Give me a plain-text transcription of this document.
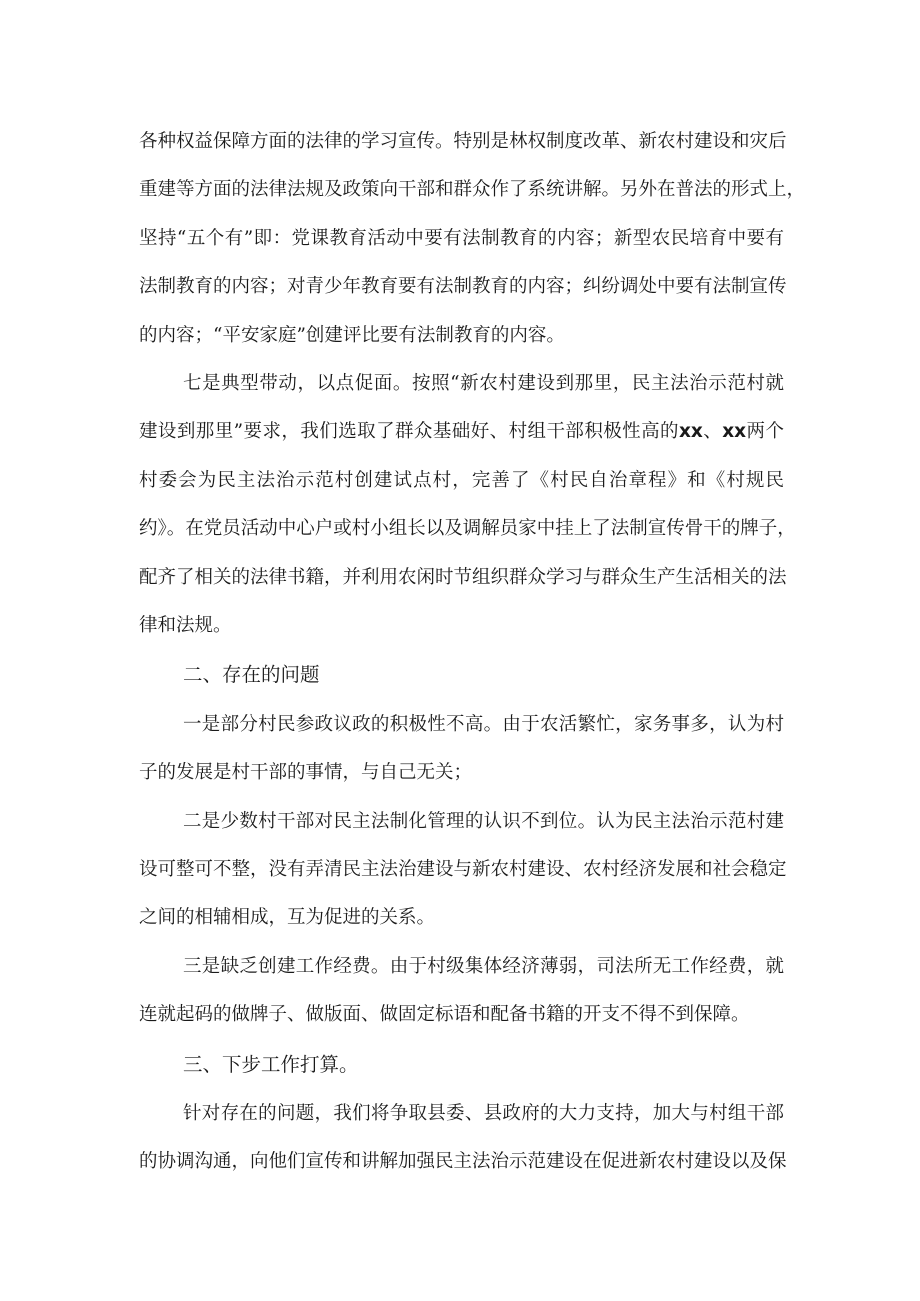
各种权益保障方面的法律的学习宣传。特别是林权制度改革、新农村建设和灾后
重建等方面的法律法规及政策向干部和群众作了系统讲解。另外在普法的形式上，
坚持“五个有”即：党课教育活动中要有法制教育的内容；新型农民培育中要有
法制教育的内容；对青少年教育要有法制教育的内容；纠纷调处中要有法制宣传
的内容；“平安家庭”创建评比要有法制教育的内容。
七是典型带动，以点促面。按照“新农村建设到那里，民主法治示范村就
建设到那里”要求，我们选取了群众基础好、村组干部积极性高的xx、xx两个
村委会为民主法治示范村创建试点村，完善了《村民自治章程》和《村规民
约》。在党员活动中心户或村小组长以及调解员家中挂上了法制宣传骨干的牌子，
配齐了相关的法律书籍，并利用农闲时节组织群众学习与群众生产生活相关的法
律和法规。
二、存在的问题
一是部分村民参政议政的积极性不高。由于农活繁忙，家务事多，认为村
子的发展是村干部的事情，与自己无关；
二是少数村干部对民主法制化管理的认识不到位。认为民主法治示范村建
设可整可不整，没有弄清民主法治建设与新农村建设、农村经济发展和社会稳定
之间的相辅相成，互为促进的关系。
三是缺乏创建工作经费。由于村级集体经济薄弱，司法所无工作经费，就
连就起码的做牌子、做版面、做固定标语和配备书籍的开支不得不到保障。
三、下步工作打算。
针对存在的问题，我们将争取县委、县政府的大力支持，加大与村组干部
的协调沟通，向他们宣传和讲解加强民主法治示范建设在促进新农村建设以及保
